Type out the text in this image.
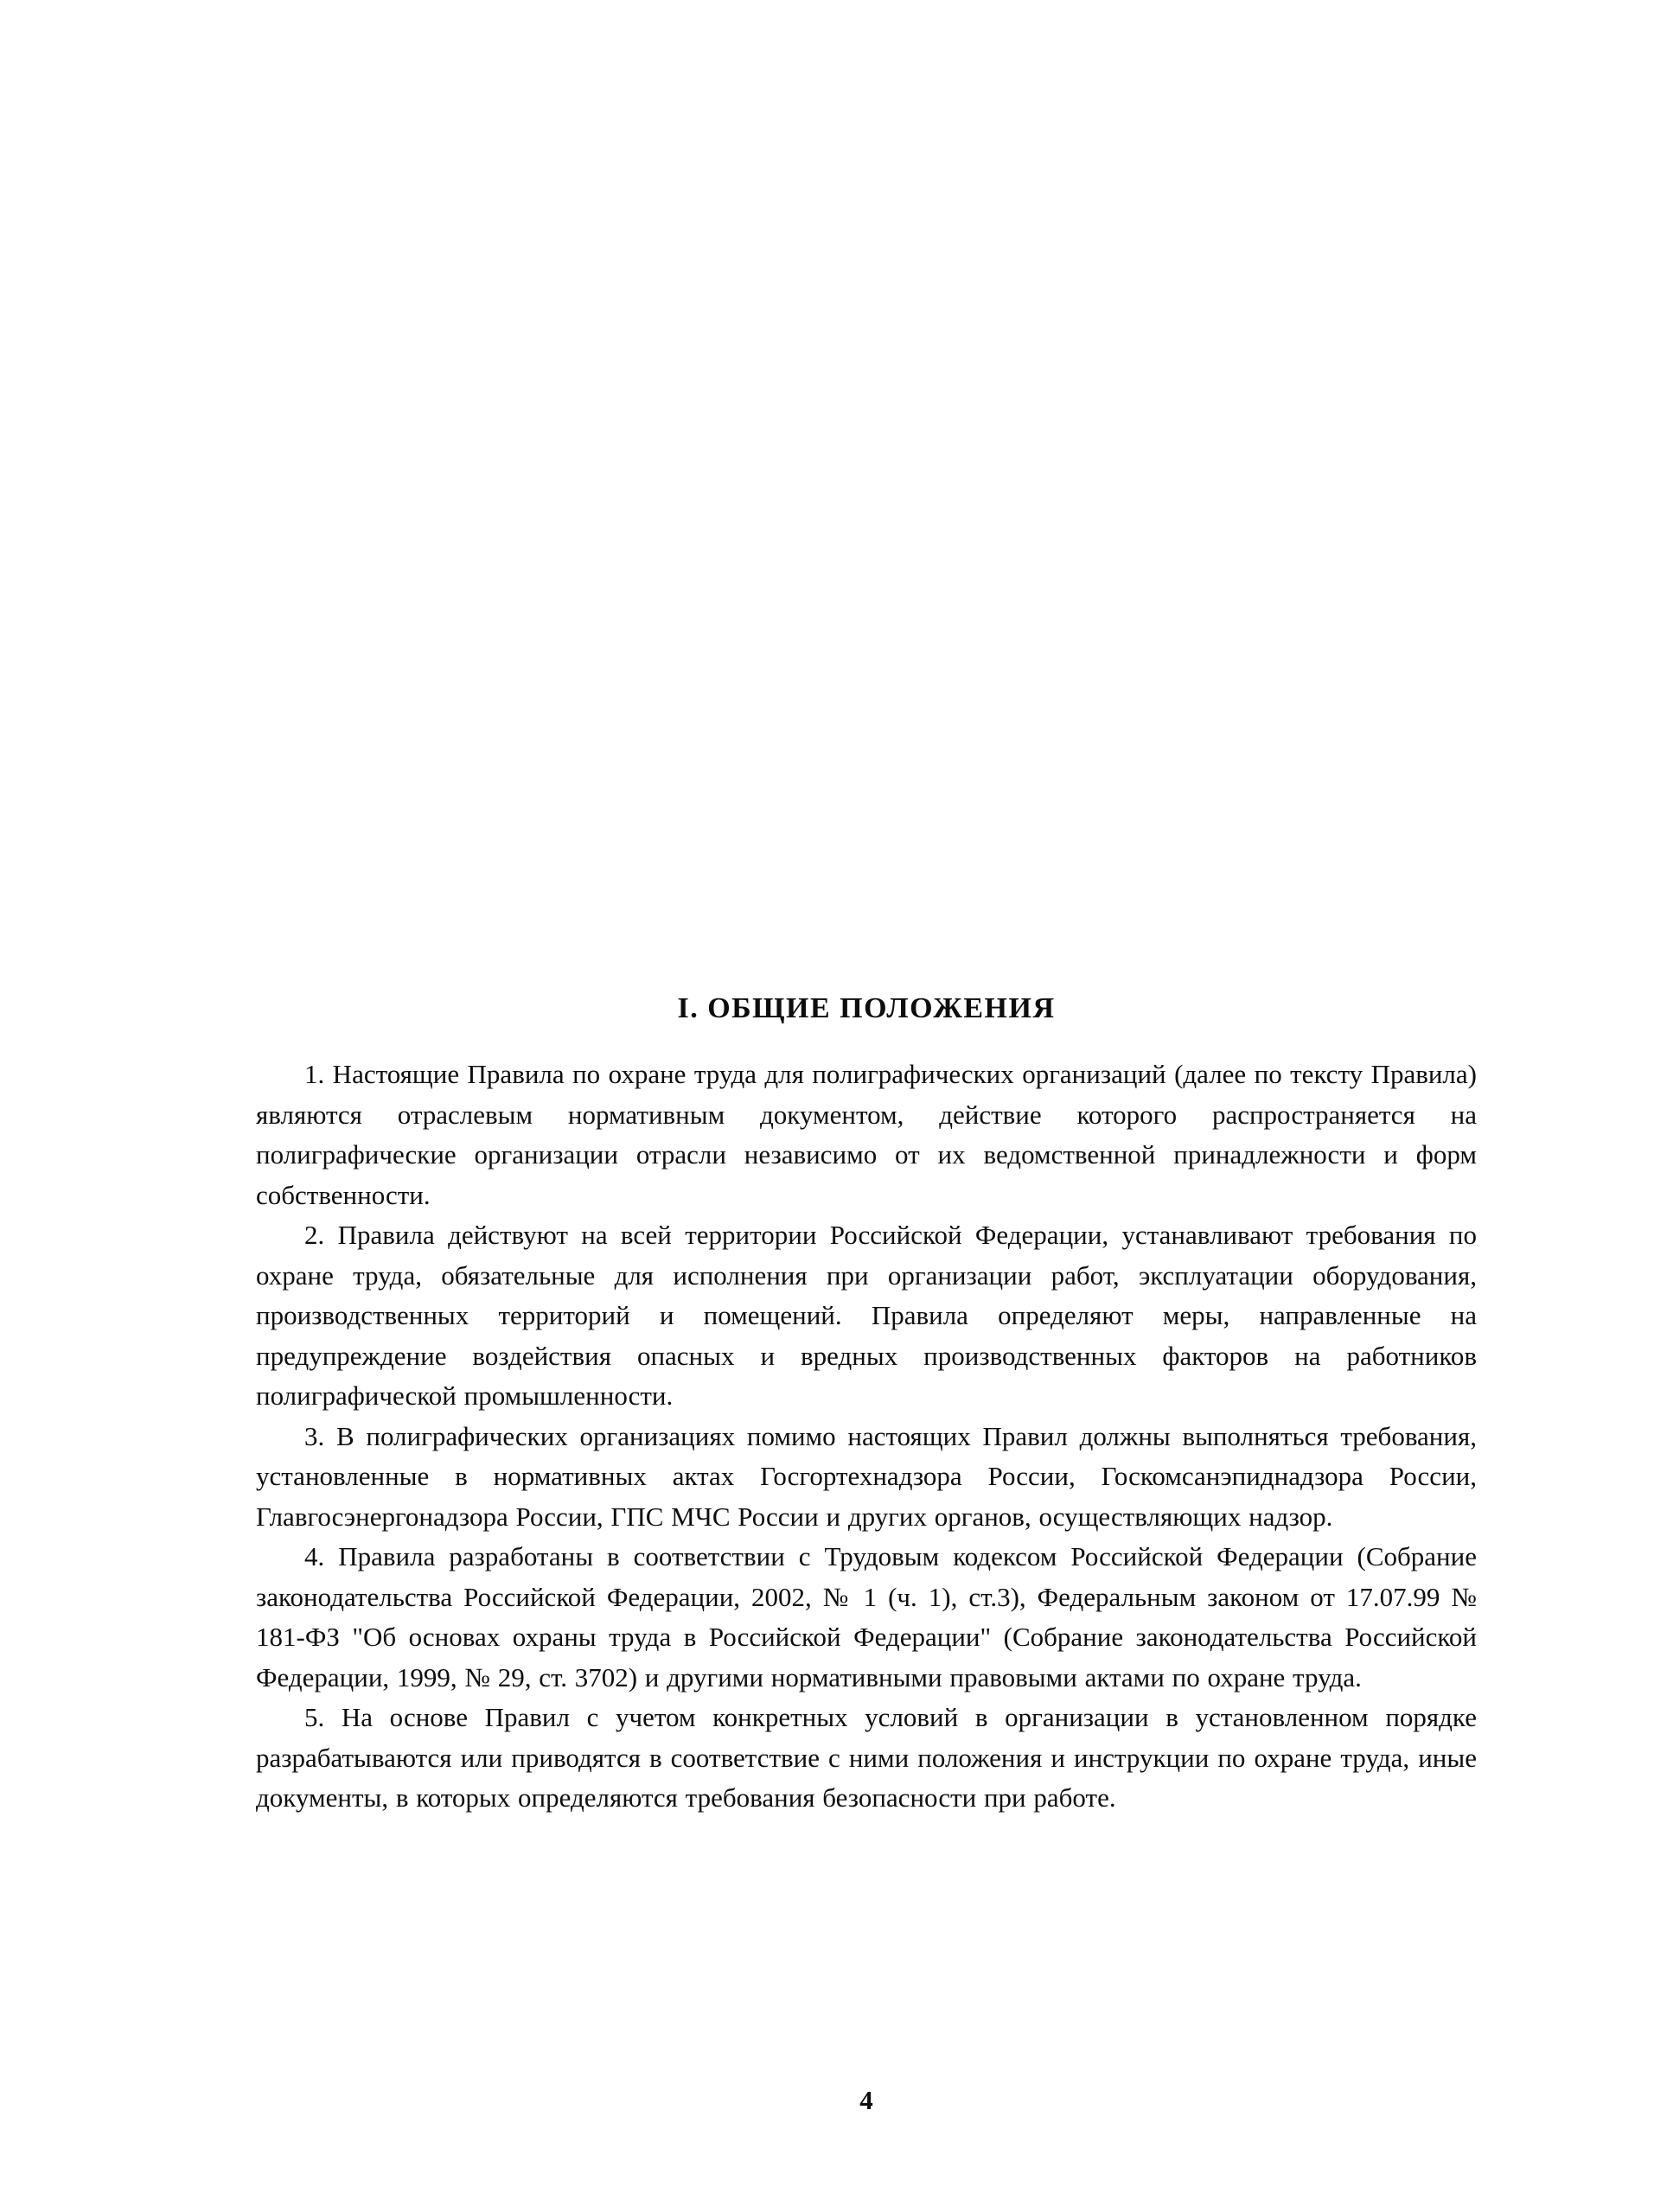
I. ОБЩИЕ ПОЛОЖЕНИЯ

1. Настоящие Правила по охране труда для полиграфических организаций (далее по тексту Правила) являются отраслевым нормативным документом, действие которого распространяется на полиграфические организации отрасли независимо от их ведомственной принадлежности и форм собственности.

2. Правила действуют на всей территории Российской Федерации, устанавливают требования по охране труда, обязательные для исполнения при организации работ, эксплуатации оборудования, производственных территорий и помещений. Правила определяют меры, направленные на предупреждение воздействия опасных и вредных производственных факторов на работников полиграфической промышленности.

3. В полиграфических организациях помимо настоящих Правил должны выполняться требования, установленные в нормативных актах Госгортехнадзора России, Госкомсанэпиднадзора России, Главгосэнергонадзора России, ГПС МЧС России и других органов, осуществляющих надзор.

4. Правила разработаны в соответствии с Трудовым кодексом Российской Федерации (Собрание законодательства Российской Федерации, 2002, № 1 (ч. 1), ст.3), Федеральным законом от 17.07.99 № 181-ФЗ "Об основах охраны труда в Российской Федерации" (Собрание законодательства Российской Федерации, 1999, № 29, ст. 3702) и другими нормативными правовыми актами по охране труда.

5. На основе Правил с учетом конкретных условий в организации в установленном порядке разрабатываются или приводятся в соответствие с ними положения и инструкции по охране труда, иные документы, в которых определяются требования безопасности при работе.

4
